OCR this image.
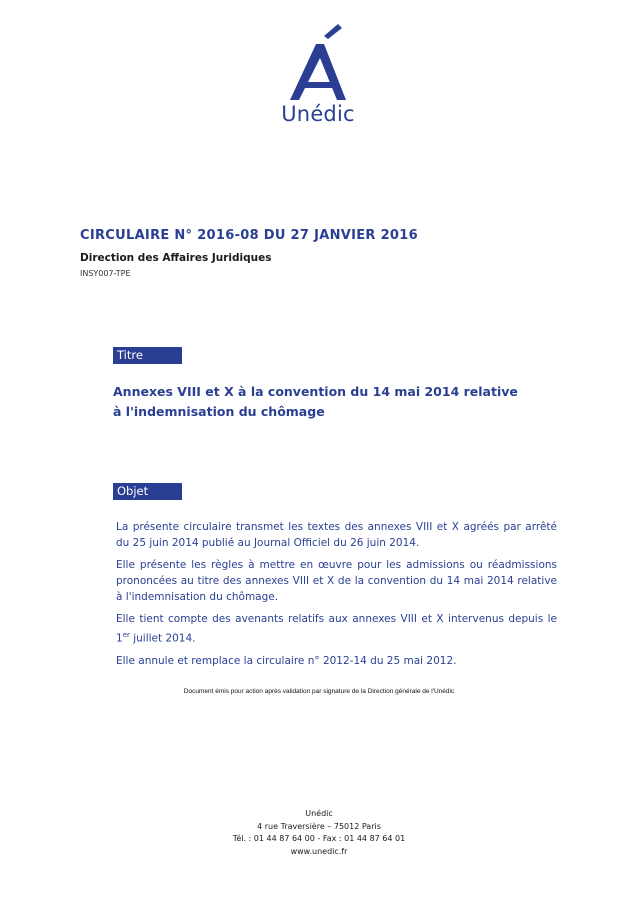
Unédic
CIRCULAIRE N° 2016-08 DU 27 JANVIER 2016
Direction des Affaires Juridiques
INSY007-TPE
Titre
Annexes VIII et X à la convention du 14 mai 2014 relative
à l'indemnisation du chômage
Objet

La présente circulaire transmet les textes des annexes VIII et X agréés par arrêté du 25 juin 2014 publié au Journal Officiel du 26 juin 2014.

Elle présente les règles à mettre en œuvre pour les admissions ou réadmissions prononcées au titre des annexes VIII et X de la convention du 14 mai 2014 relative à l'indemnisation du chômage.

Elle tient compte des avenants relatifs aux annexes VIII et X intervenus depuis le 1er juillet 2014.

Elle annule et remplace la circulaire n° 2012-14 du 25 mai 2012.

Document émis pour action après validation par signature de la Direction générale de l'Unédic
Unédic
4 rue Traversière – 75012 Paris
Tél. : 01 44 87 64 00 - Fax : 01 44 87 64 01
www.unedic.fr
